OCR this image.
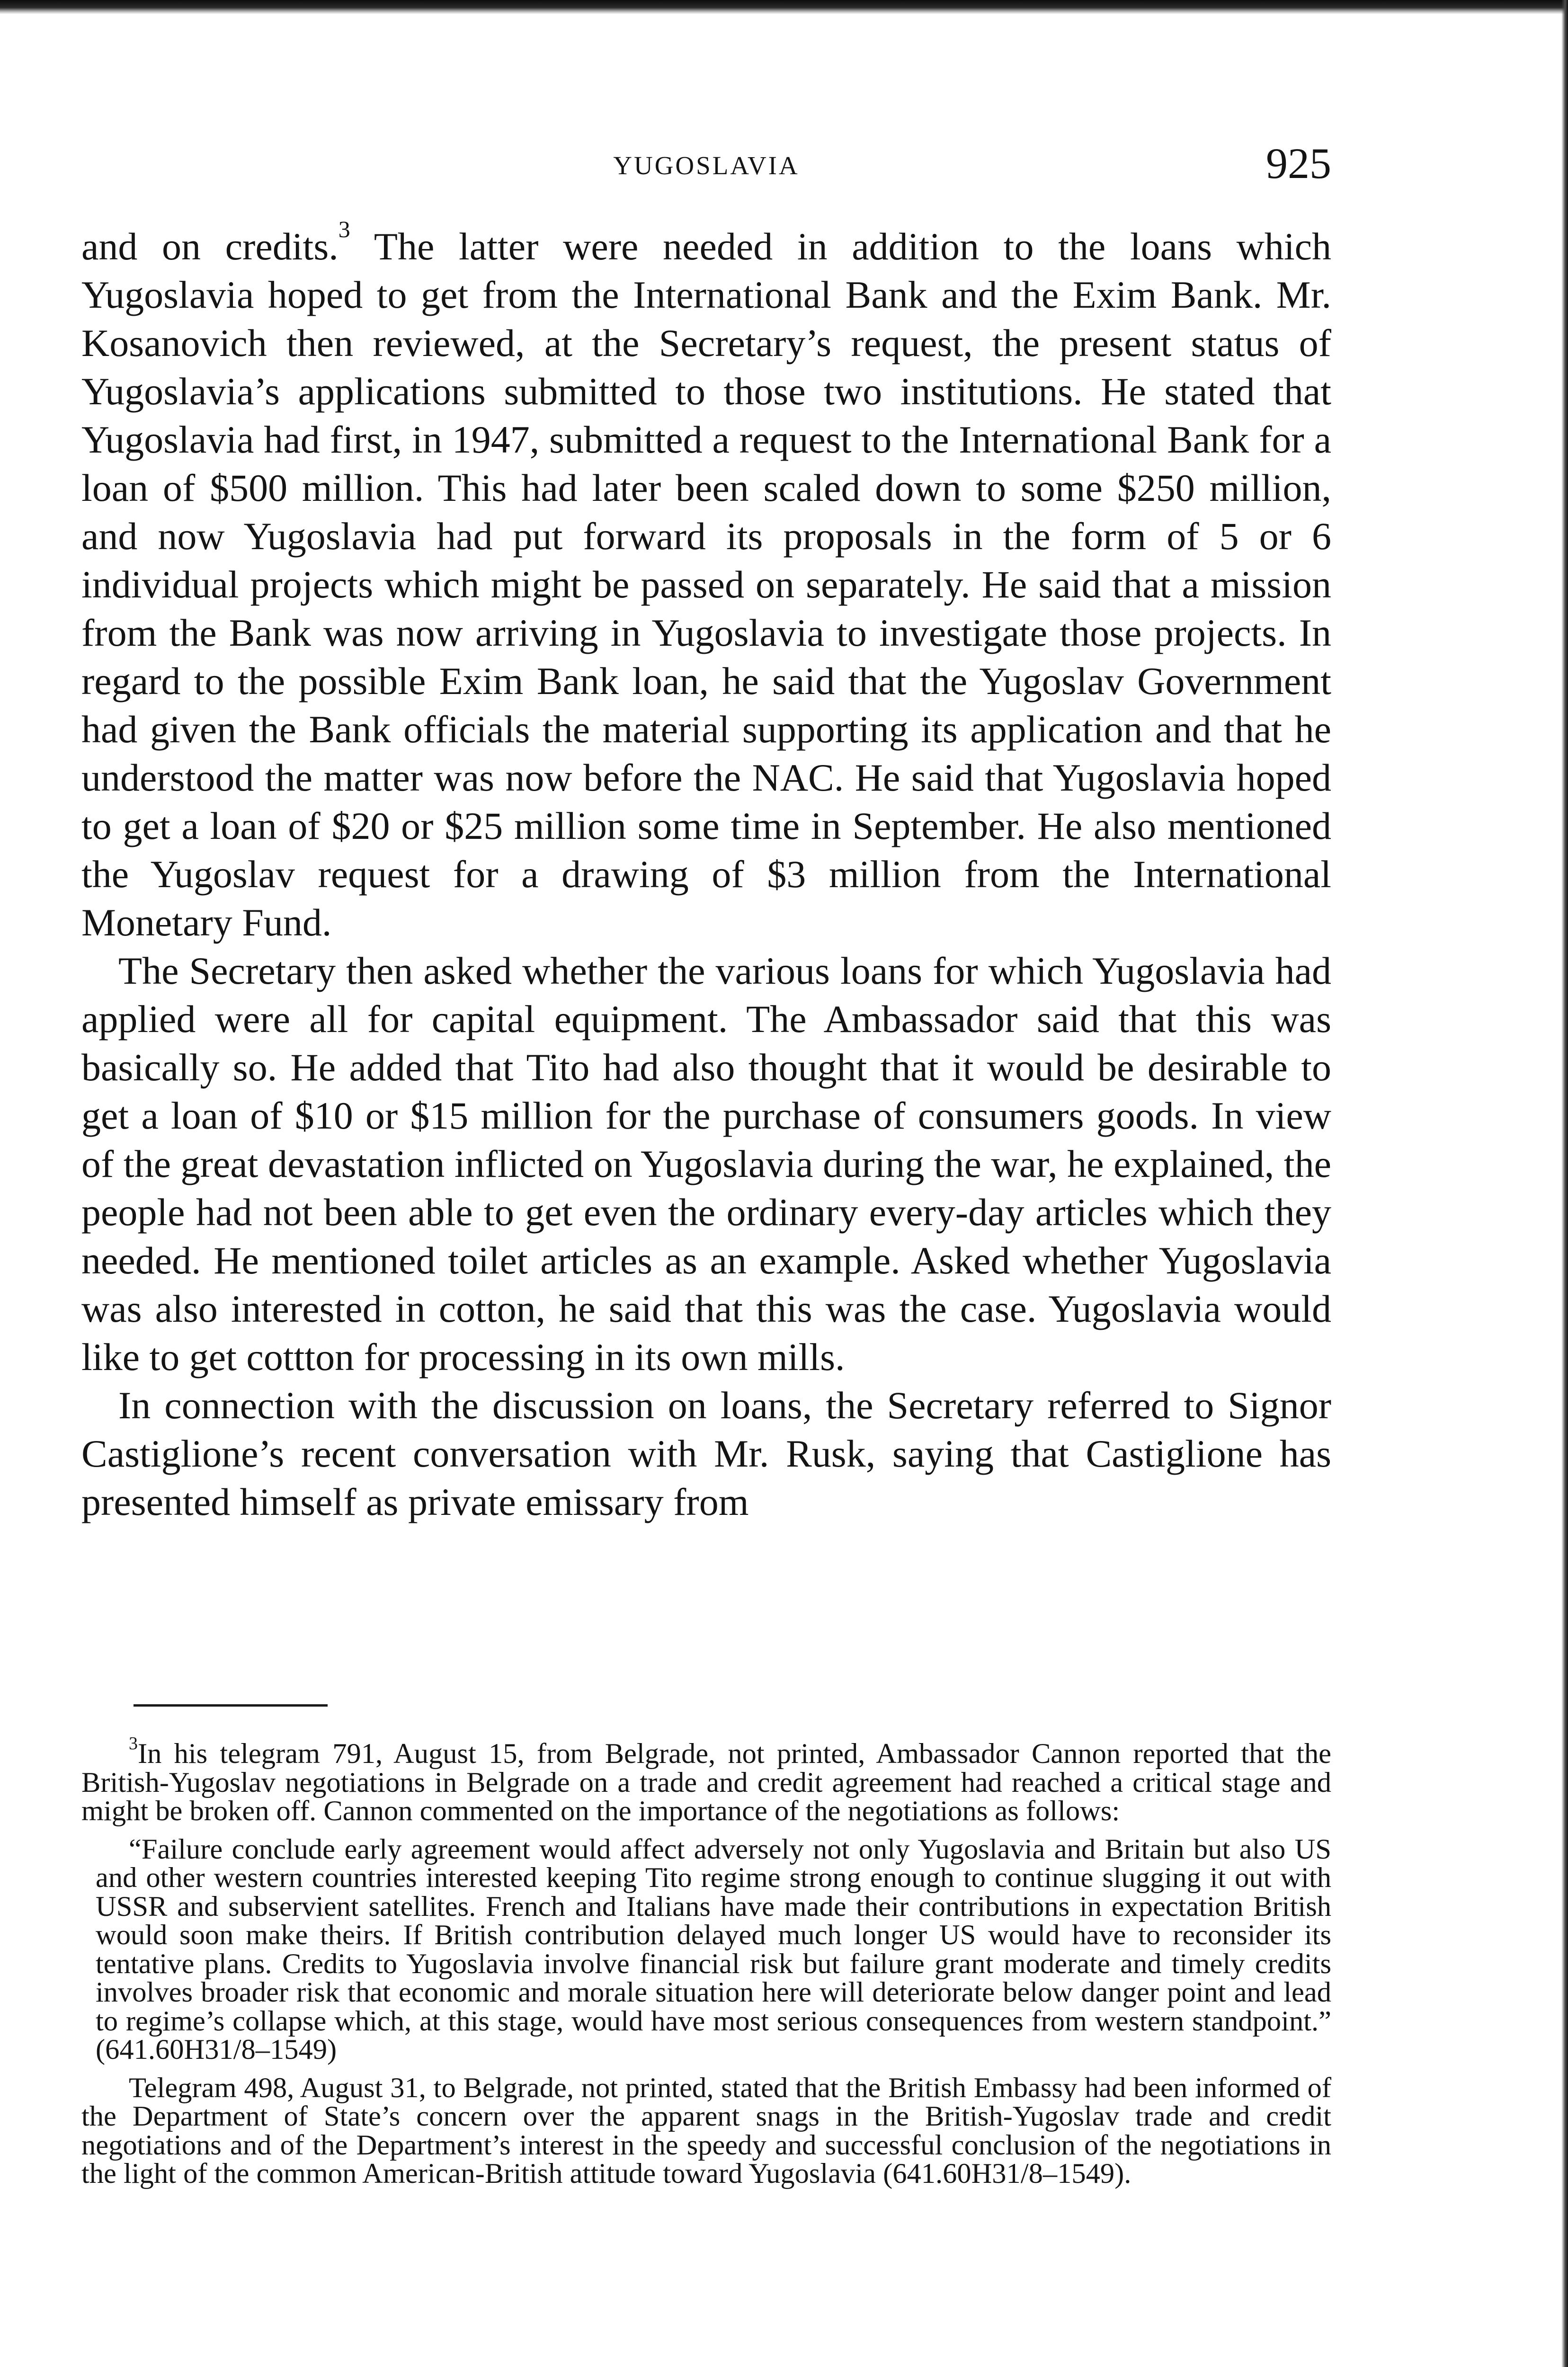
YUGOSLAVIA	925

and on credits.$^3$ The latter were needed in addition to the loans which Yugoslavia hoped to get from the International Bank and the Exim Bank. Mr. Kosanovich then reviewed, at the Secretary’s request, the present status of Yugoslavia’s applications submitted to those two institutions. He stated that Yugoslavia had first, in 1947, submitted a request to the International Bank for a loan of $500 million. This had later been scaled down to some $250 million, and now Yugoslavia had put forward its proposals in the form of 5 or 6 individual projects which might be passed on separately. He said that a mission from the Bank was now arriving in Yugoslavia to investigate those projects. In regard to the possible Exim Bank loan, he said that the Yugoslav Government had given the Bank officials the material supporting its application and that he understood the matter was now before the NAC. He said that Yugoslavia hoped to get a loan of $20 or $25 million some time in September. He also mentioned the Yugoslav request for a drawing of $3 million from the International Monetary Fund.

The Secretary then asked whether the various loans for which Yugoslavia had applied were all for capital equipment. The Ambassador said that this was basically so. He added that Tito had also thought that it would be desirable to get a loan of $10 or $15 million for the purchase of consumers goods. In view of the great devastation inflicted on Yugoslavia during the war, he explained, the people had not been able to get even the ordinary every-day articles which they needed. He mentioned toilet articles as an example. Asked whether Yugoslavia was also interested in cotton, he said that this was the case. Yugoslavia would like to get cottton for processing in its own mills.

In connection with the discussion on loans, the Secretary referred to Signor Castiglione’s recent conversation with Mr. Rusk, saying that Castiglione has presented himself as private emissary from

$^3$In his telegram 791, August 15, from Belgrade, not printed, Ambassador Cannon reported that the British-Yugoslav negotiations in Belgrade on a trade and credit agreement had reached a critical stage and might be broken off. Cannon commented on the importance of the negotiations as follows:

“Failure conclude early agreement would affect adversely not only Yugoslavia and Britain but also US and other western countries interested keeping Tito regime strong enough to continue slugging it out with USSR and subservient satellites. French and Italians have made their contributions in expectation British would soon make theirs. If British contribution delayed much longer US would have to reconsider its tentative plans. Credits to Yugoslavia involve financial risk but failure grant moderate and timely credits involves broader risk that economic and morale situation here will deteriorate below danger point and lead to regime’s collapse which, at this stage, would have most serious consequences from western standpoint.” (641.60H31/8–1549)

Telegram 498, August 31, to Belgrade, not printed, stated that the British Embassy had been informed of the Department of State’s concern over the apparent snags in the British-Yugoslav trade and credit negotiations and of the Department’s interest in the speedy and successful conclusion of the negotiations in the light of the common American-British attitude toward Yugoslavia (641.60H31/8–1549).
